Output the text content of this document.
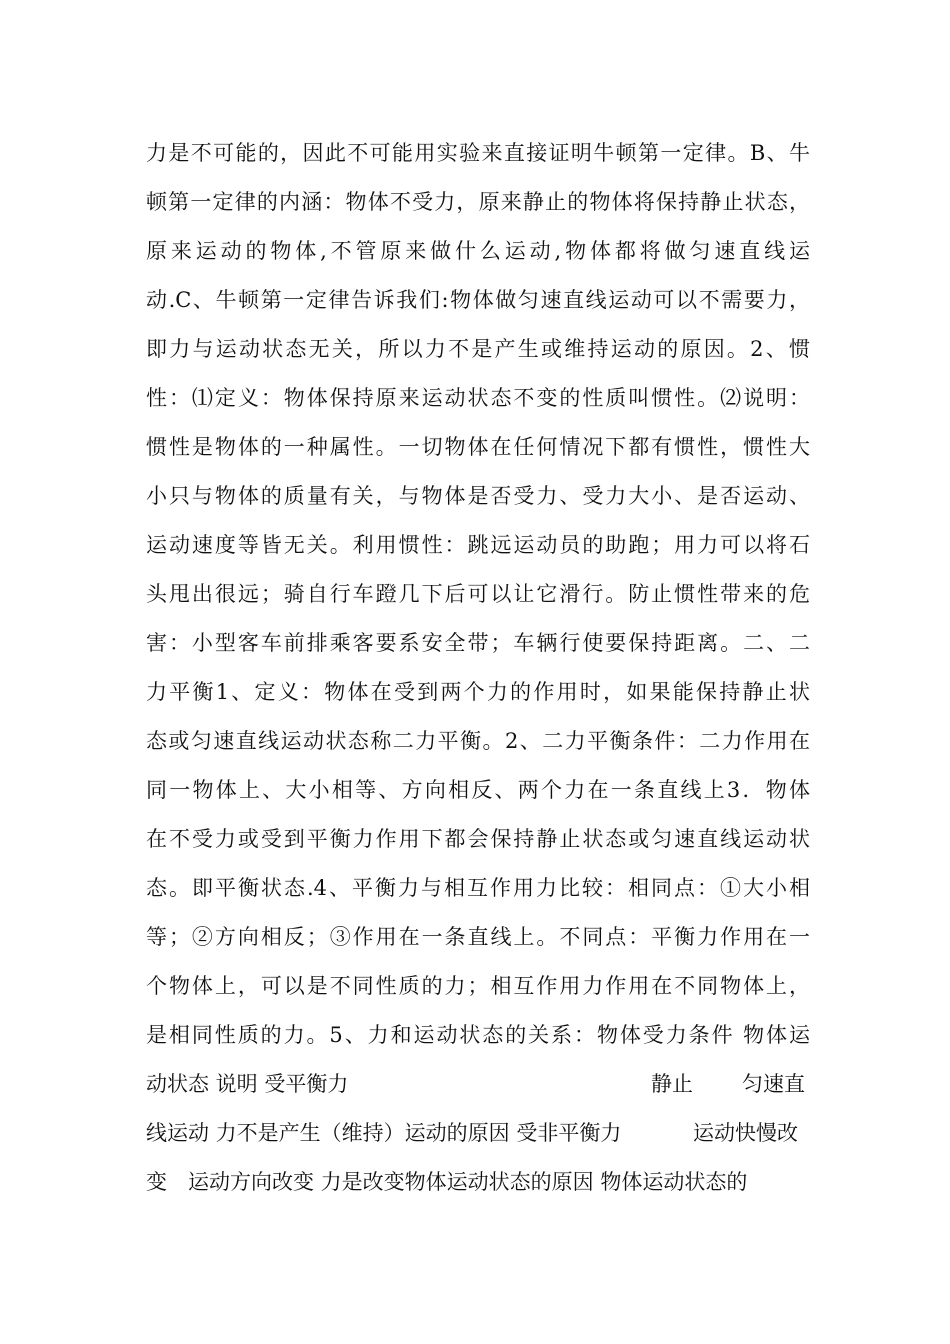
力是不可能的，因此不可能用实验来直接证明牛顿第一定律。B、牛
顿第一定律的内涵：物体不受力，原来静止的物体将保持静止状态，
原来运动的物体,不管原来做什么运动,物体都将做匀速直线运
动.C、牛顿第一定律告诉我们:物体做匀速直线运动可以不需要力，
即力与运动状态无关，所以力不是产生或维持运动的原因。2、惯
性：⑴定义：物体保持原来运动状态不变的性质叫惯性。⑵说明：
惯性是物体的一种属性。一切物体在任何情况下都有惯性，惯性大
小只与物体的质量有关，与物体是否受力、受力大小、是否运动、
运动速度等皆无关。利用惯性：跳远运动员的助跑；用力可以将石
头甩出很远；骑自行车蹬几下后可以让它滑行。防止惯性带来的危
害：小型客车前排乘客要系安全带；车辆行使要保持距离。二、二
力平衡1、定义：物体在受到两个力的作用时，如果能保持静止状
态或匀速直线运动状态称二力平衡。2、二力平衡条件：二力作用在
同一物体上、大小相等、方向相反、两个力在一条直线上3．物体
在不受力或受到平衡力作用下都会保持静止状态或匀速直线运动状
态。即平衡状态.4、平衡力与相互作用力比较：相同点：①大小相
等；②方向相反；③作用在一条直线上。不同点：平衡力作用在一
个物体上，可以是不同性质的力；相互作用力作用在不同物体上，
是相同性质的力。5、力和运动状态的关系：物体受力条件 物体运
动状态 说明 受平衡力	静止 匀速直
线运动 力不是产生（维持）运动的原因 受非平衡力	运动快慢改
变 运动方向改变 力是改变物体运动状态的原因 物体运动状态的
